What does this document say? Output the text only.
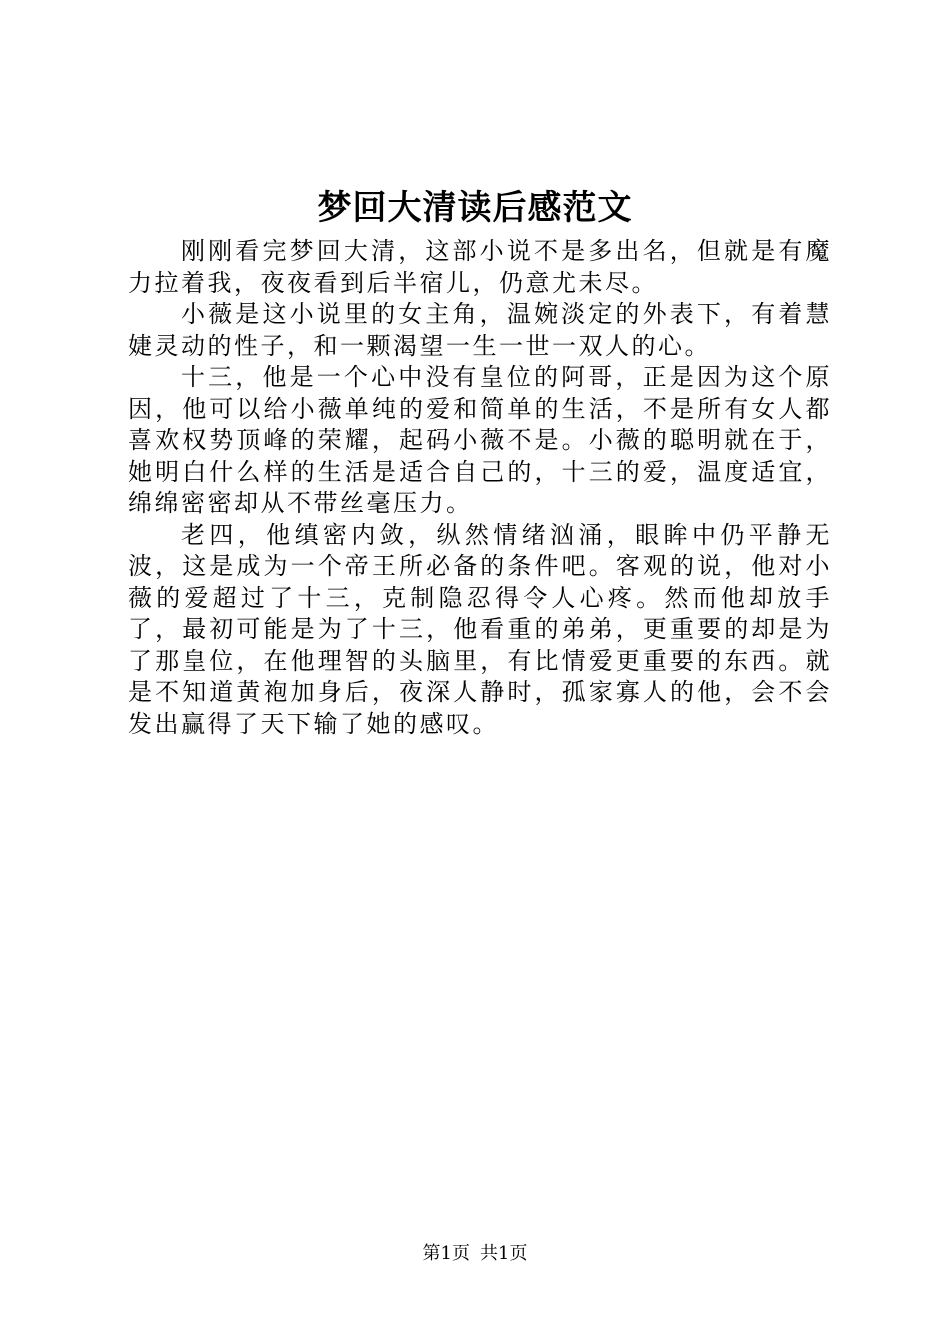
梦回大清读后感范文

刚刚看完梦回大清，这部小说不是多出名，但就是有魔力拉着我，夜夜看到后半宿儿，仍意尤未尽。

小薇是这小说里的女主角，温婉淡定的外表下，有着慧婕灵动的性子，和一颗渴望一生一世一双人的心。

十三，他是一个心中没有皇位的阿哥，正是因为这个原因，他可以给小薇单纯的爱和简单的生活，不是所有女人都喜欢权势顶峰的荣耀，起码小薇不是。小薇的聪明就在于，她明白什么样的生活是适合自己的，十三的爱，温度适宜，绵绵密密却从不带丝毫压力。

老四，他缜密内敛，纵然情绪汹涌，眼眸中仍平静无波，这是成为一个帝王所必备的条件吧。客观的说，他对小薇的爱超过了十三，克制隐忍得令人心疼。然而他却放手了，最初可能是为了十三，他看重的弟弟，更重要的却是为了那皇位，在他理智的头脑里，有比情爱更重要的东西。就是不知道黄袍加身后，夜深人静时，孤家寡人的他，会不会发出赢得了天下输了她的感叹。

第1页 共1页
